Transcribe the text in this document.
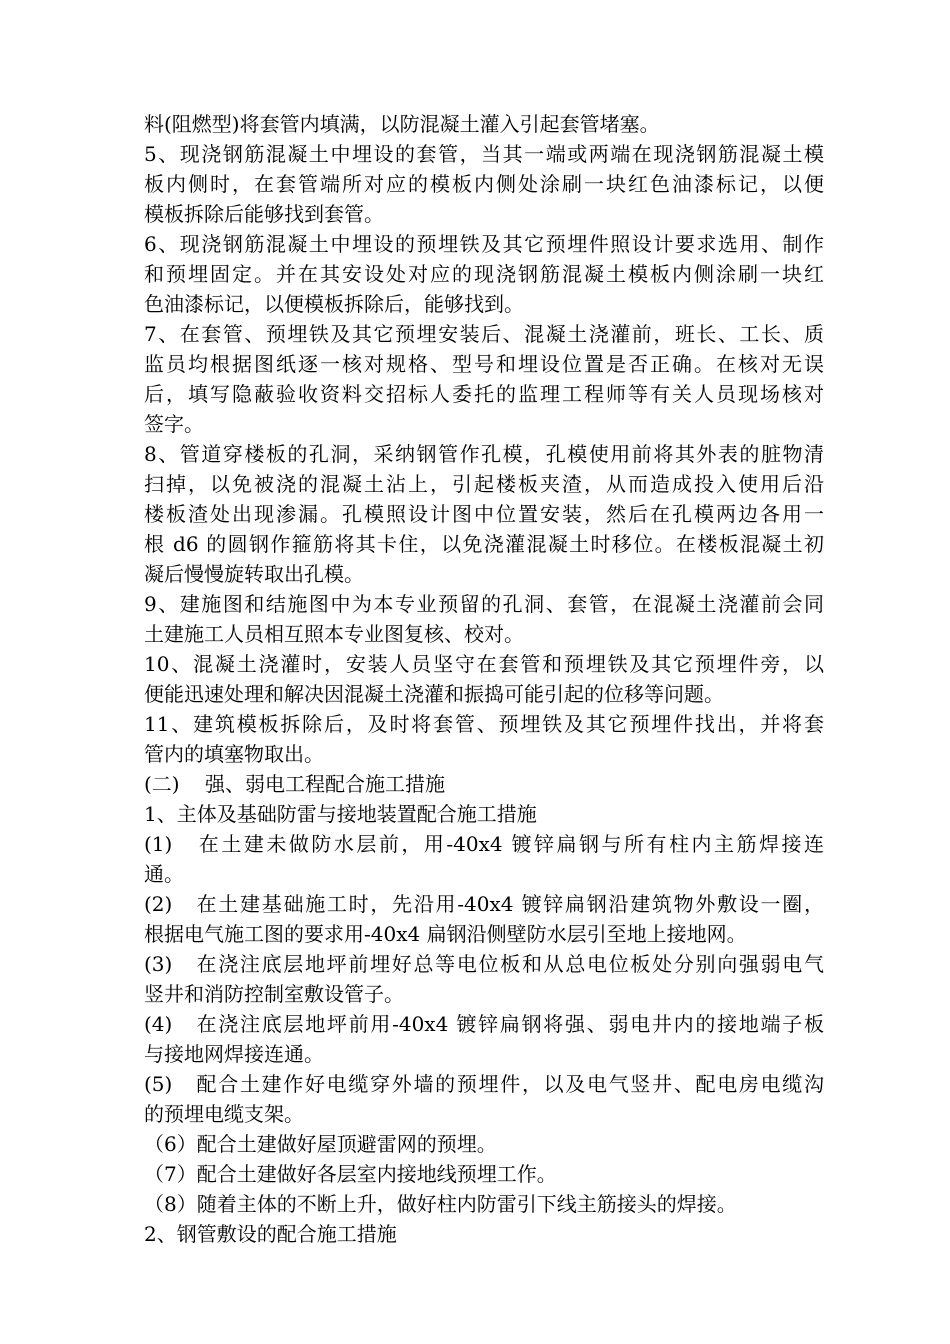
料(阻燃型)将套管内填满，以防混凝土灌入引起套管堵塞。
5、现浇钢筋混凝土中埋设的套管，当其一端或两端在现浇钢筋混凝土模
板内侧时，在套管端所对应的模板内侧处涂刷一块红色油漆标记，以便
模板拆除后能够找到套管。
6、现浇钢筋混凝土中埋设的预埋铁及其它预埋件照设计要求选用、制作
和预埋固定。并在其安设处对应的现浇钢筋混凝土模板内侧涂刷一块红
色油漆标记，以便模板拆除后，能够找到。
7、在套管、预埋铁及其它预埋安装后、混凝土浇灌前，班长、工长、质
监员均根据图纸逐一核对规格、型号和埋设位置是否正确。在核对无误
后，填写隐蔽验收资料交招标人委托的监理工程师等有关人员现场核对
签字。
8、管道穿楼板的孔洞，采纳钢管作孔模，孔模使用前将其外表的脏物清
扫掉，以免被浇的混凝土沾上，引起楼板夹渣，从而造成投入使用后沿
楼板渣处出现渗漏。孔模照设计图中位置安装，然后在孔模两边各用一
根 d6 的圆钢作箍筋将其卡住，以免浇灌混凝土时移位。在楼板混凝土初
凝后慢慢旋转取出孔模。
9、建施图和结施图中为本专业预留的孔洞、套管，在混凝土浇灌前会同
土建施工人员相互照本专业图复核、校对。
10、混凝土浇灌时，安装人员坚守在套管和预埋铁及其它预埋件旁，以
便能迅速处理和解决因混凝土浇灌和振捣可能引起的位移等问题。
11、建筑模板拆除后，及时将套管、预埋铁及其它预埋件找出，并将套
管内的填塞物取出。
(二)    强、弱电工程配合施工措施
1、主体及基础防雷与接地装置配合施工措施
(1)   在土建未做防水层前，用-40x4 镀锌扁钢与所有柱内主筋焊接连
通。
(2)   在土建基础施工时，先沿用-40x4 镀锌扁钢沿建筑物外敷设一圈，
根据电气施工图的要求用-40x4 扁钢沿侧壁防水层引至地上接地网。
(3)   在浇注底层地坪前埋好总等电位板和从总电位板处分别向强弱电气
竖井和消防控制室敷设管子。
(4)   在浇注底层地坪前用-40x4 镀锌扁钢将强、弱电井内的接地端子板
与接地网焊接连通。
(5)   配合土建作好电缆穿外墙的预埋件，以及电气竖井、配电房电缆沟
的预埋电缆支架。
（6）配合土建做好屋顶避雷网的预埋。
（7）配合土建做好各层室内接地线预埋工作。
（8）随着主体的不断上升，做好柱内防雷引下线主筋接头的焊接。
2、钢管敷设的配合施工措施
